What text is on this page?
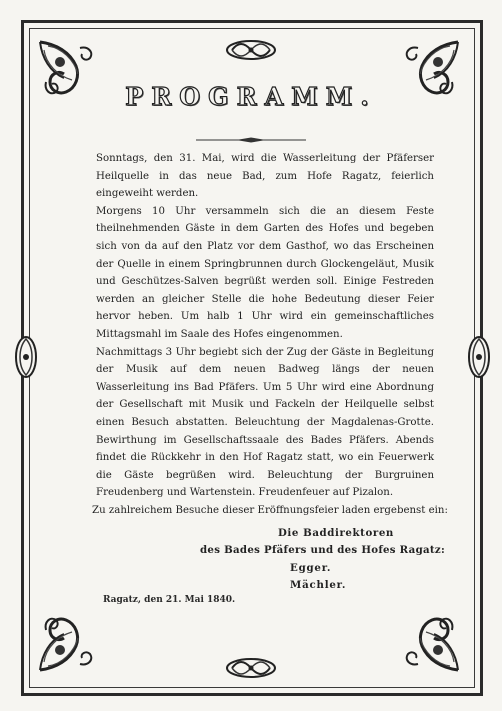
PROGRAMM.

Sonntags, den 31. Mai, wird die Wasserleitung der Pfäferser Heilquelle in das neue Bad, zum Hofe Ragatz, feierlich eingeweiht werden.

Morgens 10 Uhr versammeln sich die an diesem Feste theilnehmenden Gäste in dem Garten des Hofes und begeben sich von da auf den Platz vor dem Gasthof, wo das Erscheinen der Quelle in einem Springbrunnen durch Glockengeläut, Musik und Geschützes-Salven begrüßt werden soll. Einige Festreden werden an gleicher Stelle die hohe Bedeutung dieser Feier hervor heben. Um halb 1 Uhr wird ein gemeinschaftliches Mittagsmahl im Saale des Hofes eingenommen.

Nachmittags 3 Uhr begiebt sich der Zug der Gäste in Begleitung der Musik auf dem neuen Badweg längs der neuen Wasserleitung ins Bad Pfäfers. Um 5 Uhr wird eine Abordnung der Gesellschaft mit Musik und Fackeln der Heilquelle selbst einen Besuch abstatten. Beleuchtung der Magdalenas-Grotte. Bewirthung im Gesellschaftssaale des Bades Pfäfers. Abends findet die Rückkehr in den Hof Ragatz statt, wo ein Feuerwerk die Gäste begrüßen wird. Beleuchtung der Burgruinen Freudenberg und Wartenstein. Freudenfeuer auf Pizalon.

Zu zahlreichem Besuche dieser Eröffnungsfeier laden ergebenst ein:
Die Baddirektoren
des Bades Pfäfers und des Hofes Ragatz:
Egger.
Mächler.
Ragatz, den 21. Mai 1840.
